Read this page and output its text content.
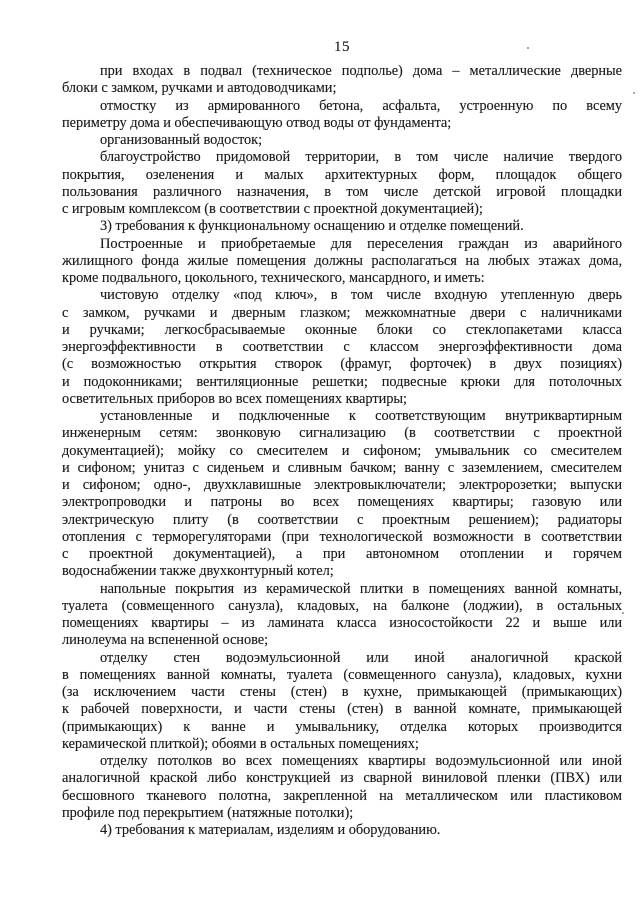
15
при входах в подвал (техническое подполье) дома – металлические дверные
блоки с замком, ручками и автодоводчиками;
отмостку из армированного бетона, асфальта, устроенную по всему
периметру дома и обеспечивающую отвод воды от фундамента;
организованный водосток;
благоустройство придомовой территории, в том числе наличие твердого
покрытия, озеленения и малых архитектурных форм, площадок общего
пользования различного назначения, в том числе детской игровой площадки
с игровым комплексом (в соответствии с проектной документацией);
3) требования к функциональному оснащению и отделке помещений.
Построенные и приобретаемые для переселения граждан из аварийного
жилищного фонда жилые помещения должны располагаться на любых этажах дома,
кроме подвального, цокольного, технического, мансардного, и иметь:
чистовую отделку «под ключ», в том числе входную утепленную дверь
с замком, ручками и дверным глазком; межкомнатные двери с наличниками
и ручками; легкосбрасываемые оконные блоки со стеклопакетами класса
энергоэффективности в соответствии с классом энергоэффективности дома
(с возможностью открытия створок (фрамуг, форточек) в двух позициях)
и подоконниками; вентиляционные решетки; подвесные крюки для потолочных
осветительных приборов во всех помещениях квартиры;
установленные и подключенные к соответствующим внутриквартирным
инженерным сетям: звонковую сигнализацию (в соответствии с проектной
документацией); мойку со смесителем и сифоном; умывальник со смесителем
и сифоном; унитаз с сиденьем и сливным бачком; ванну с заземлением, смесителем
и сифоном; одно-, двухклавишные электровыключатели; электророзетки; выпуски
электропроводки и патроны во всех помещениях квартиры; газовую или
электрическую плиту (в соответствии с проектным решением); радиаторы
отопления с терморегуляторами (при технологической возможности в соответствии
с проектной документацией), а при автономном отоплении и горячем
водоснабжении также двухконтурный котел;
напольные покрытия из керамической плитки в помещениях ванной комнаты,
туалета (совмещенного санузла), кладовых, на балконе (лоджии), в остальных
помещениях квартиры – из ламината класса износостойкости 22 и выше или
линолеума на вспененной основе;
отделку стен водоэмульсионной или иной аналогичной краской
в помещениях ванной комнаты, туалета (совмещенного санузла), кладовых, кухни
(за исключением части стены (стен) в кухне, примыкающей (примыкающих)
к рабочей поверхности, и части стены (стен) в ванной комнате, примыкающей
(примыкающих) к ванне и умывальнику, отделка которых производится
керамической плиткой); обоями в остальных помещениях;
отделку потолков во всех помещениях квартиры водоэмульсионной или иной
аналогичной краской либо конструкцией из сварной виниловой пленки (ПВХ) или
бесшовного тканевого полотна, закрепленной на металлическом или пластиковом
профиле под перекрытием (натяжные потолки);
4) требования к материалам, изделиям и оборудованию.
